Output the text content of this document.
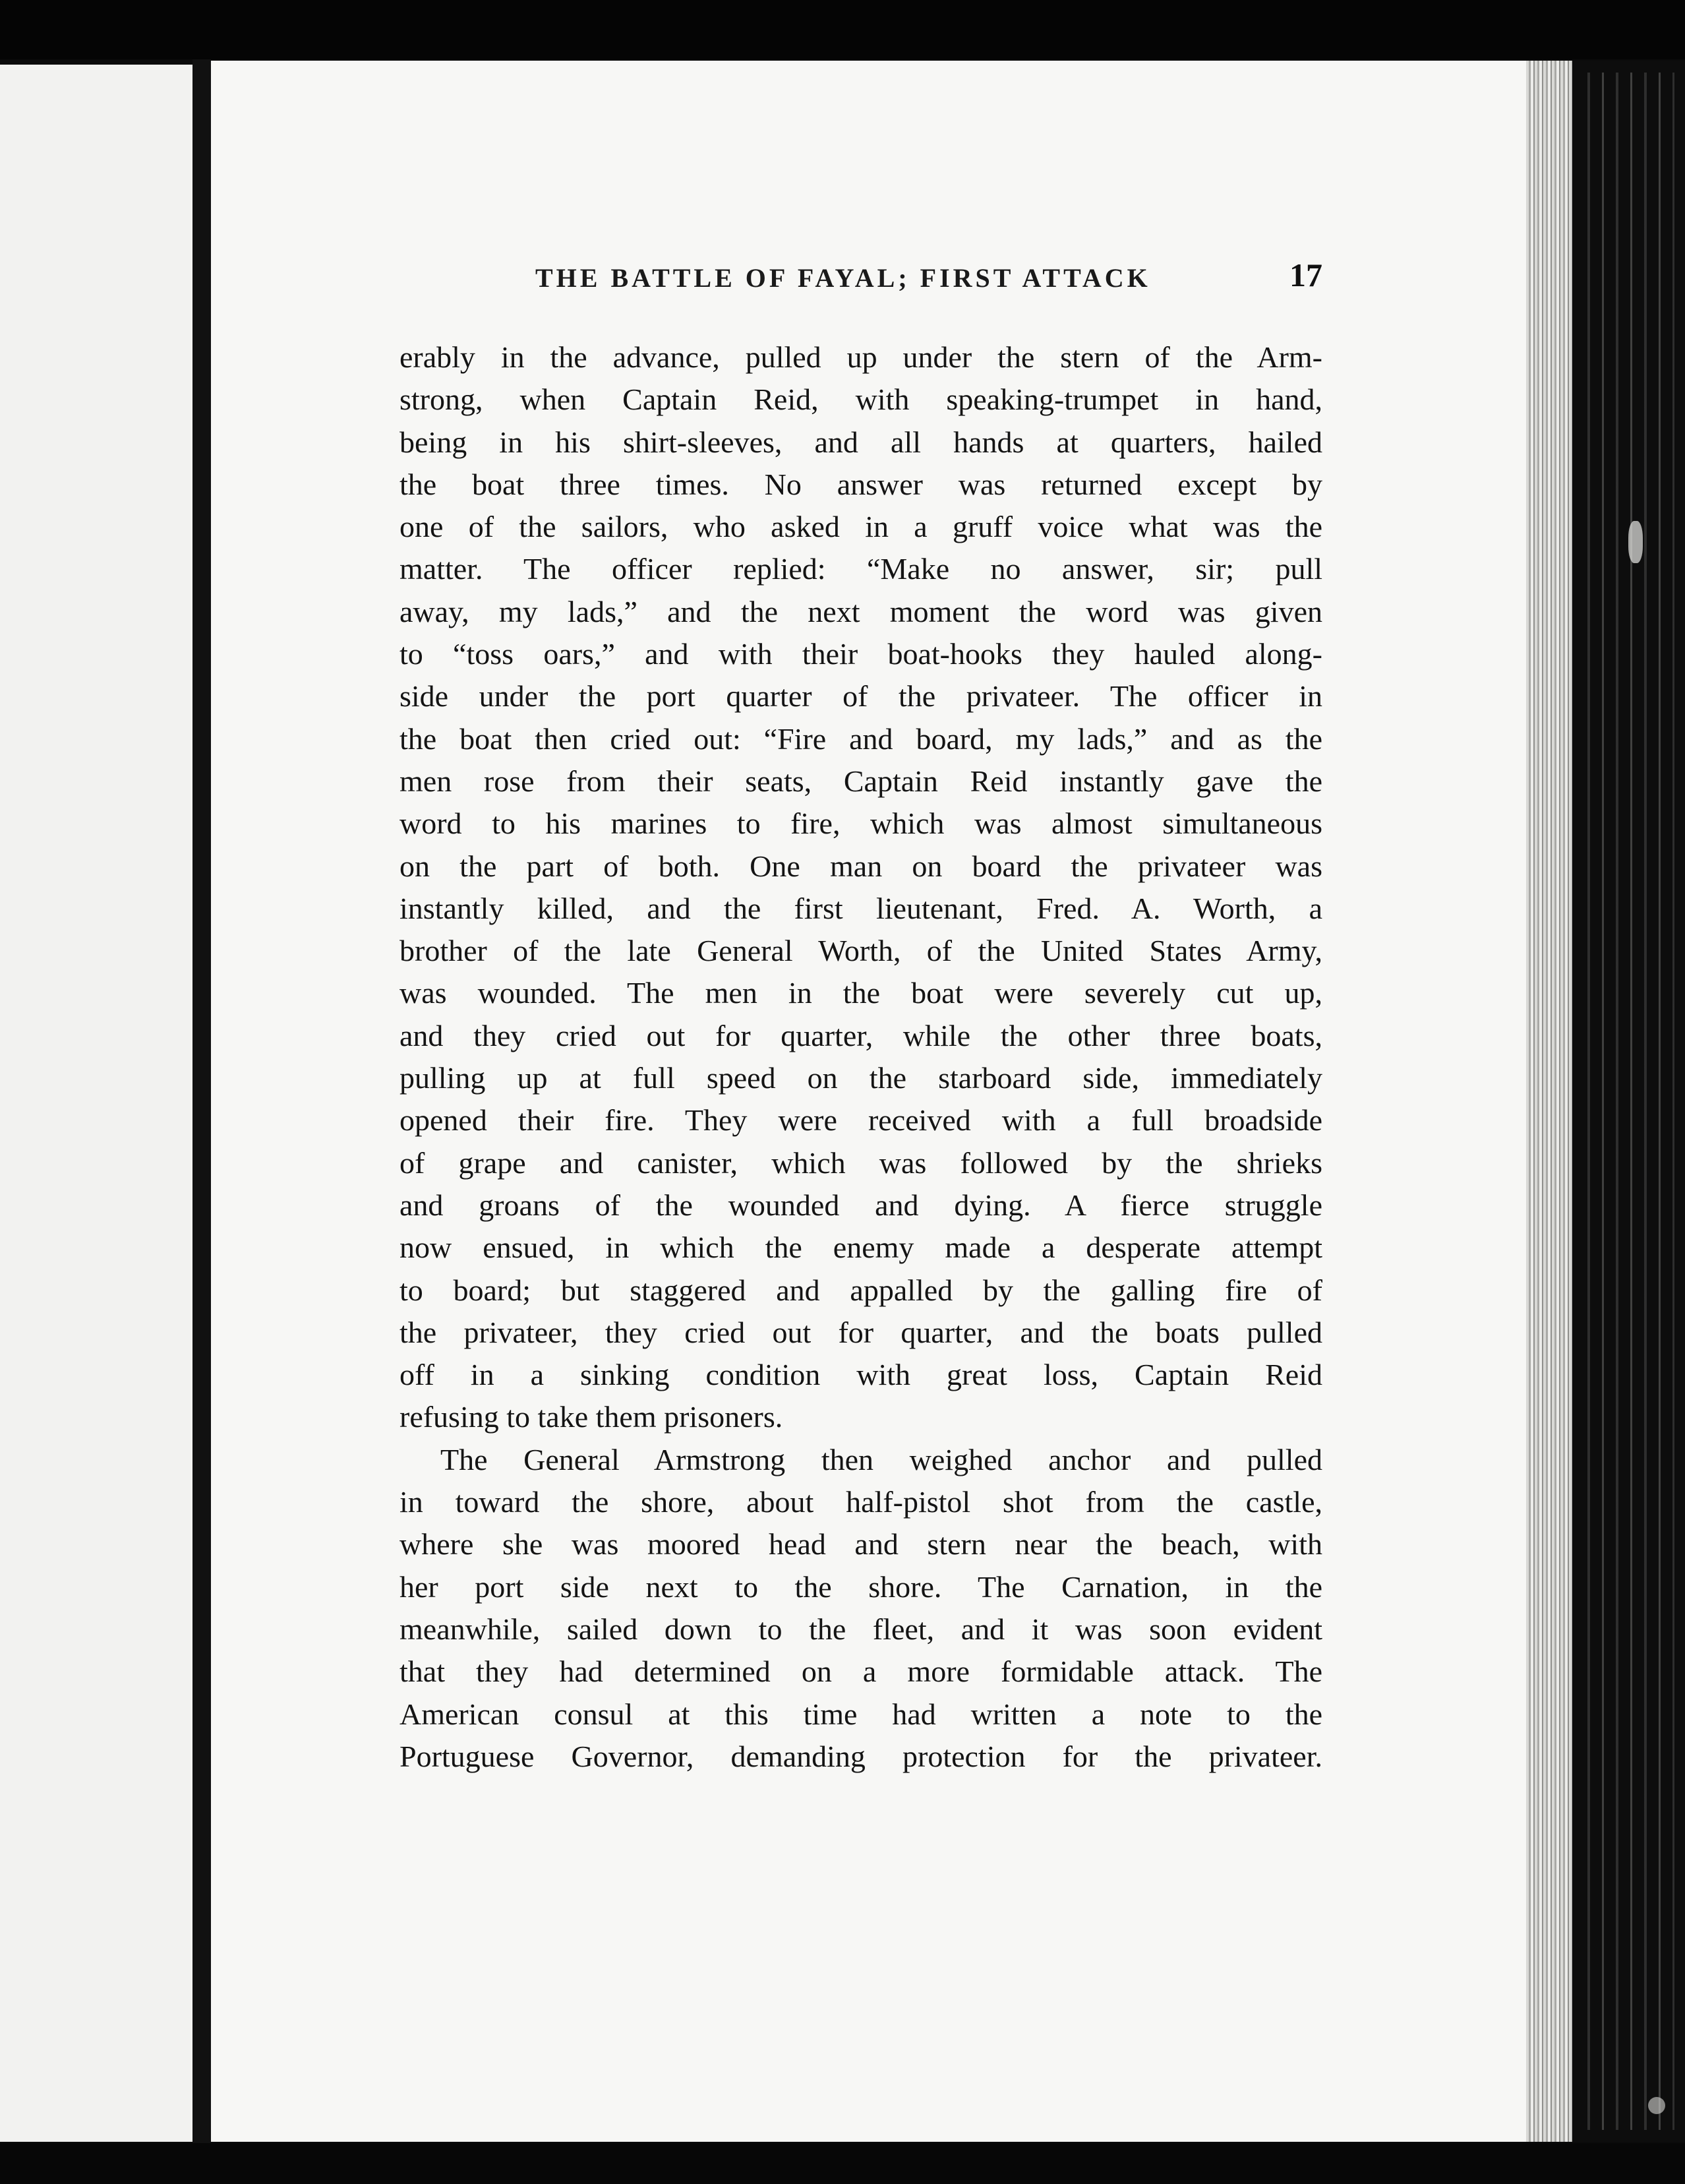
THE BATTLE OF FAYAL; FIRST ATTACK	17
erably in the advance, pulled up under the stern of the Arm-
strong, when Captain Reid, with speaking-trumpet in hand,
being in his shirt-sleeves, and all hands at quarters, hailed
the boat three times. No answer was returned except by
one of the sailors, who asked in a gruff voice what was the
matter. The officer replied: “Make no answer, sir; pull
away, my lads,” and the next moment the word was given
to “toss oars,” and with their boat-hooks they hauled along-
side under the port quarter of the privateer. The officer in
the boat then cried out: “Fire and board, my lads,” and as the
men rose from their seats, Captain Reid instantly gave the
word to his marines to fire, which was almost simultaneous
on the part of both. One man on board the privateer was
instantly killed, and the first lieutenant, Fred. A. Worth, a
brother of the late General Worth, of the United States Army,
was wounded. The men in the boat were severely cut up,
and they cried out for quarter, while the other three boats,
pulling up at full speed on the starboard side, immediately
opened their fire. They were received with a full broadside
of grape and canister, which was followed by the shrieks
and groans of the wounded and dying. A fierce struggle
now ensued, in which the enemy made a desperate attempt
to board; but staggered and appalled by the galling fire of
the privateer, they cried out for quarter, and the boats pulled
off in a sinking condition with great loss, Captain Reid
refusing to take them prisoners.
The General Armstrong then weighed anchor and pulled
in toward the shore, about half-pistol shot from the castle,
where she was moored head and stern near the beach, with
her port side next to the shore. The Carnation, in the
meanwhile, sailed down to the fleet, and it was soon evident
that they had determined on a more formidable attack. The
American consul at this time had written a note to the
Portuguese Governor, demanding protection for the privateer.
